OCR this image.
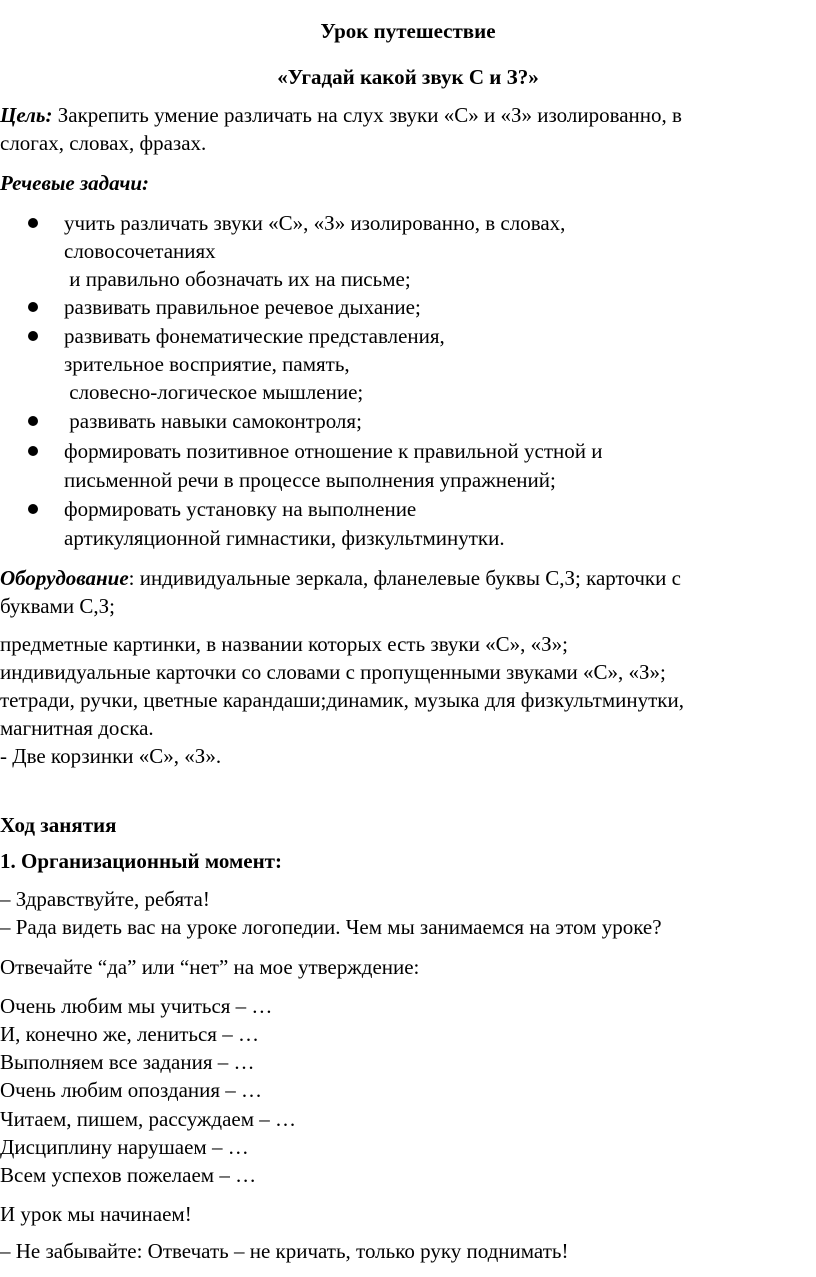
Урок путешествие
«Угадай какой звук С и З?»
Цель: Закрепить умение различать на слух звуки «С» и «З» изолированно, в
слогах, словах, фразах.
Речевые задачи:
учить различать звуки «С», «З» изолированно, в словах,
словосочетаниях
и правильно обозначать их на письме;
развивать правильное речевое дыхание;
развивать фонематические представления,
зрительное восприятие, память,
словесно-логическое мышление;
развивать навыки самоконтроля;
формировать позитивное отношение к правильной устной и
письменной речи в процессе выполнения упражнений;
формировать установку на выполнение
артикуляционной гимнастики, физкультминутки.
Оборудование: индивидуальные зеркала, фланелевые буквы С,З; карточки с
буквами С,З;
предметные картинки, в названии которых есть звуки «С», «З»;
индивидуальные карточки со словами с пропущенными звуками «С», «З»;
тетради, ручки, цветные карандаши;динамик, музыка для физкультминутки,
магнитная доска.
- Две корзинки «С», «З».
Ход занятия
1. Организационный момент:
– Здравствуйте, ребята!
– Рада видеть вас на уроке логопедии. Чем мы занимаемся на этом уроке?
Отвечайте “да” или “нет” на мое утверждение:
Очень любим мы учиться – …
И, конечно же, лениться – …
Выполняем все задания – …
Очень любим опоздания – …
Читаем, пишем, рассуждаем – …
Дисциплину нарушаем – …
Всем успехов пожелаем – …
И урок мы начинаем!
– Не забывайте: Отвечать – не кричать, только руку поднимать!
